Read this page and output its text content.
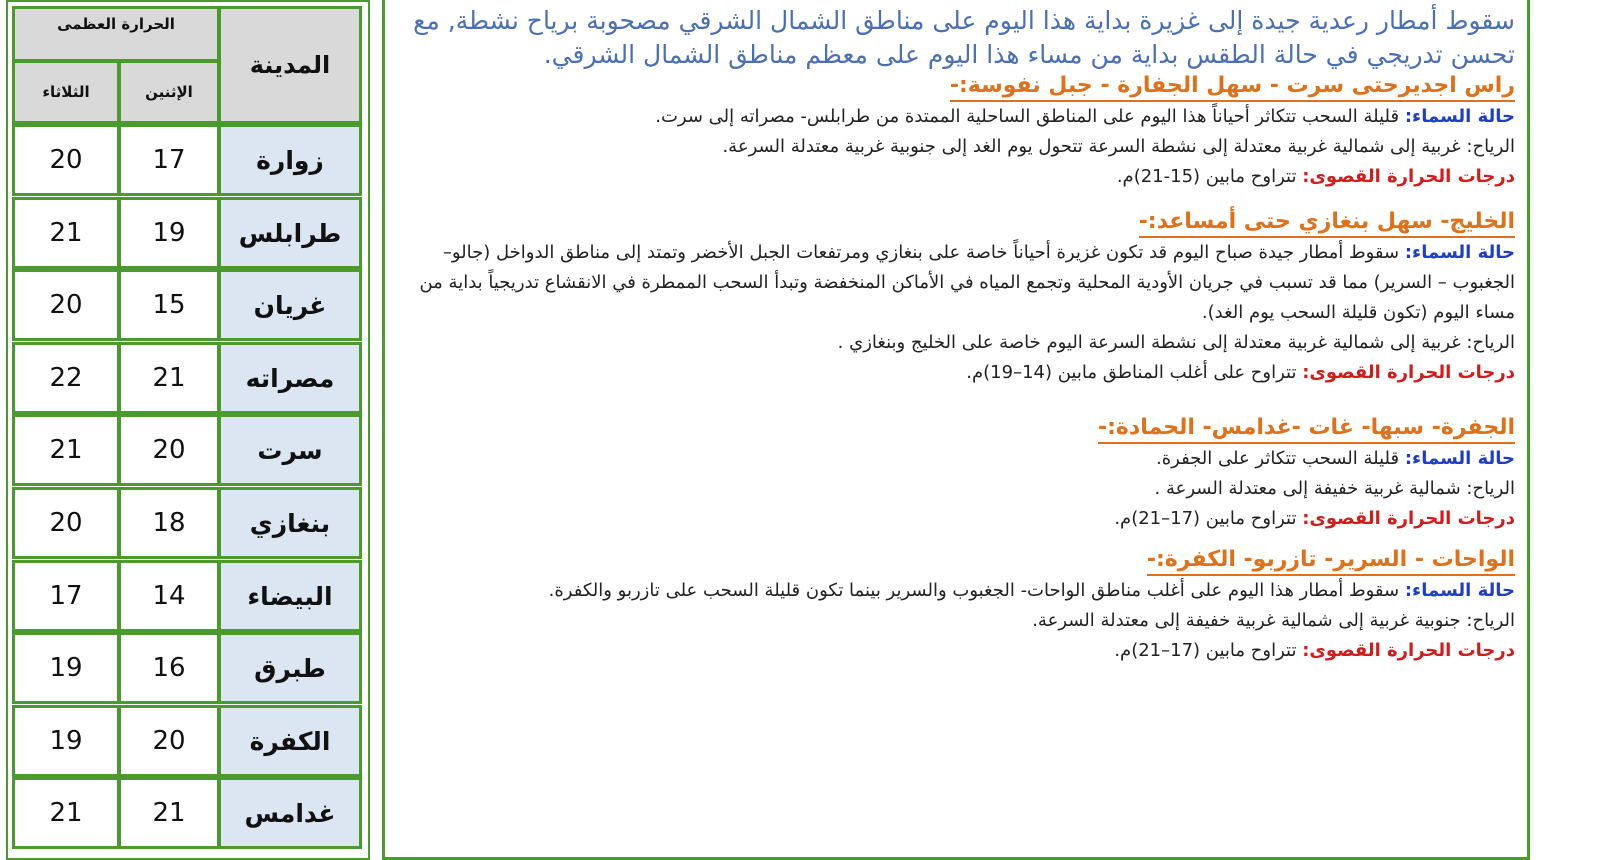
المدينة
الحرارة العظمى
الإثنين
الثلاثاء
زوارة
17
20
طرابلس
19
21
غريان
15
20
مصراته
21
22
سرت
20
21
بنغازي
18
20
البيضاء
14
17
طبرق
16
19
الكفرة
20
19
غدامس
21
21

سقوط أمطار رعدية جيدة إلى غزيرة بداية هذا اليوم على مناطق الشمال الشرقي مصحوبة برياح نشطة, مع تحسن تدريجي في حالة الطقس بداية من مساء هذا اليوم على معظم مناطق الشمال الشرقي.

راس اجديرحتى سرت - سهل الجفارة - جبل نفوسة:-

حالة السماء: قليلة السحب تتكاثر أحياناً هذا اليوم على المناطق الساحلية الممتدة من طرابلس- مصراته إلى سرت.

الرياح: غربية إلى شمالية غربية معتدلة إلى نشطة السرعة تتحول يوم الغد إلى جنوبية غربية معتدلة السرعة.

درجات الحرارة القصوى: تتراوح مابين (15-21)م.

الخليج- سهل بنغازي حتى أمساعد:-

حالة السماء: سقوط أمطار جيدة صباح اليوم قد تكون غزيرة أحياناً خاصة على بنغازي ومرتفعات الجبل الأخضر وتمتد إلى مناطق الدواخل (جالو– الجغبوب – السرير) مما قد تسبب في جريان الأودية المحلية وتجمع المياه في الأماكن المنخفضة وتبدأ السحب الممطرة في الانقشاع تدريجياً بداية من مساء اليوم (تكون قليلة السحب يوم الغد).

الرياح: غربية إلى شمالية غربية معتدلة إلى نشطة السرعة اليوم خاصة على الخليج وبنغازي .

درجات الحرارة القصوى: تتراوح على أغلب المناطق مابين (14–19)م.

الجفرة- سبها- غات -غدامس- الحمادة:-

حالة السماء: قليلة السحب تتكاثر على الجفرة.

الرياح: شمالية غربية خفيفة إلى معتدلة السرعة .

درجات الحرارة القصوى: تتراوح مابين (17–21)م.

الواحات - السرير- تازربو- الكفرة:-

حالة السماء: سقوط أمطار هذا اليوم على أغلب مناطق الواحات- الجغبوب والسرير بينما تكون قليلة السحب على تازربو والكفرة.

الرياح: جنوبية غربية إلى شمالية غربية خفيفة إلى معتدلة السرعة.

درجات الحرارة القصوى: تتراوح مابين (17–21)م.
